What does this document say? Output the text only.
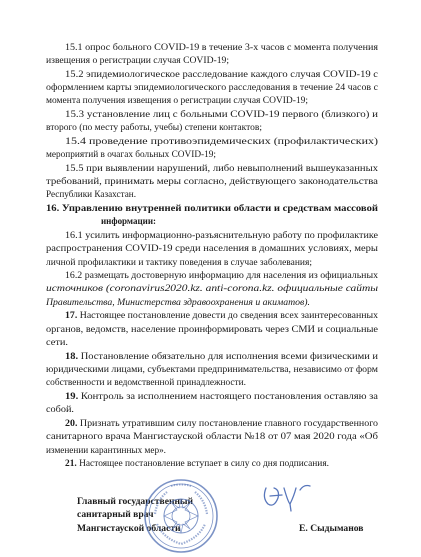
15.1 опрос больного COVID-19 в течение 3-х часов с момента получения
извещения о регистрации случая COVID-19;
15.2 эпидемиологическое расследование каждого случая COVID-19 с
оформлением карты эпидемиологического расследования в течение 24 часов с
момента получения извещения о регистрации случая COVID-19;
15.3 установление лиц с больными COVID-19 первого (близкого) и
второго (по месту работы, учебы) степени контактов;
15.4 проведение противоэпидемических (профилактических)
мероприятий в очагах больных COVID-19;
15.5 при выявлении нарушений, либо невыполнений вышеуказанных
требований, принимать меры согласно, действующего законодательства
Республики Казахстан.
16. Управлению внутренней политики области и средствам массовой
информации:
16.1 усилить информационно-разъяснительную работу по профилактике
распространения COVID-19 среди населения в домашних условиях, меры
личной профилактики и тактику поведения в случае заболевания;
16.2 размещать достоверную информацию для населения из официальных
источников (coronavirus2020.kz. anti-corona.kz. официальные сайты
Правительства, Министерства здравоохранения и акиматов).
17. Настоящее постановление довести до сведения всех заинтересованных
органов, ведомств, население проинформировать через СМИ и социальные
сети.
18. Постановление обязательно для исполнения всеми физическими и
юридическими лицами, субъектами предпринимательства, независимо от форм
собственности и ведомственной принадлежности.
19. Контроль за исполнением настоящего постановления оставляю за
собой.
20. Признать утратившим силу постановление главного государственного
санитарного врача Мангистауской области №18 от 07 мая 2020 года «Об
изменении карантинных мер».
21. Настоящее постановление вступает в силу со дня подписания.
Главный государственный
санитарный врач
Мангистауской области	Е. Сыдыманов
